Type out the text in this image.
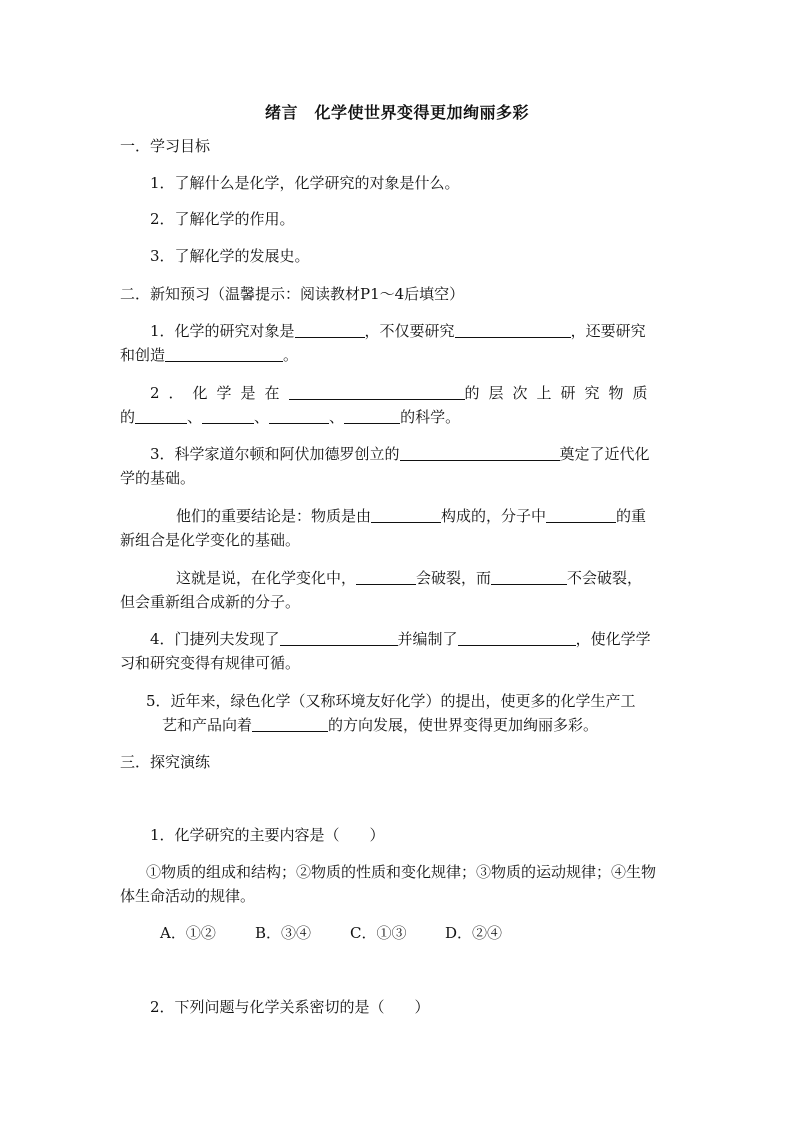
绪言　化学使世界变得更加绚丽多彩
一．学习目标
1．了解什么是化学，化学研究的对象是什么。
2．了解化学的作用。
3．了解化学的发展史。
二．新知预习（温馨提示：阅读教材P1～4后填空）
1．化学的研究对象是	，不仅要研究	，还要研究
和创造	。
2．化学是在	的层次上研究物质
的	、	、	、	的科学。
3．科学家道尔顿和阿伏加德罗创立的	奠定了近代化
学的基础。
他们的重要结论是：物质是由	构成的，分子中	的重
新组合是化学变化的基础。
这就是说，在化学变化中，	会破裂，而	不会破裂，
但会重新组合成新的分子。
4．门捷列夫发现了	并编制了	，使化学学
习和研究变得有规律可循。
5．近年来，绿色化学（又称环境友好化学）的提出，使更多的化学生产工
艺和产品向着	的方向发展，使世界变得更加绚丽多彩。
三．探究演练
1．化学研究的主要内容是（　　）
①物质的组成和结构；②物质的性质和变化规律；③物质的运动规律；④生物
体生命活动的规律。
A．①②	B．③④	C．①③	D．②④
2．下列问题与化学关系密切的是（　　）
